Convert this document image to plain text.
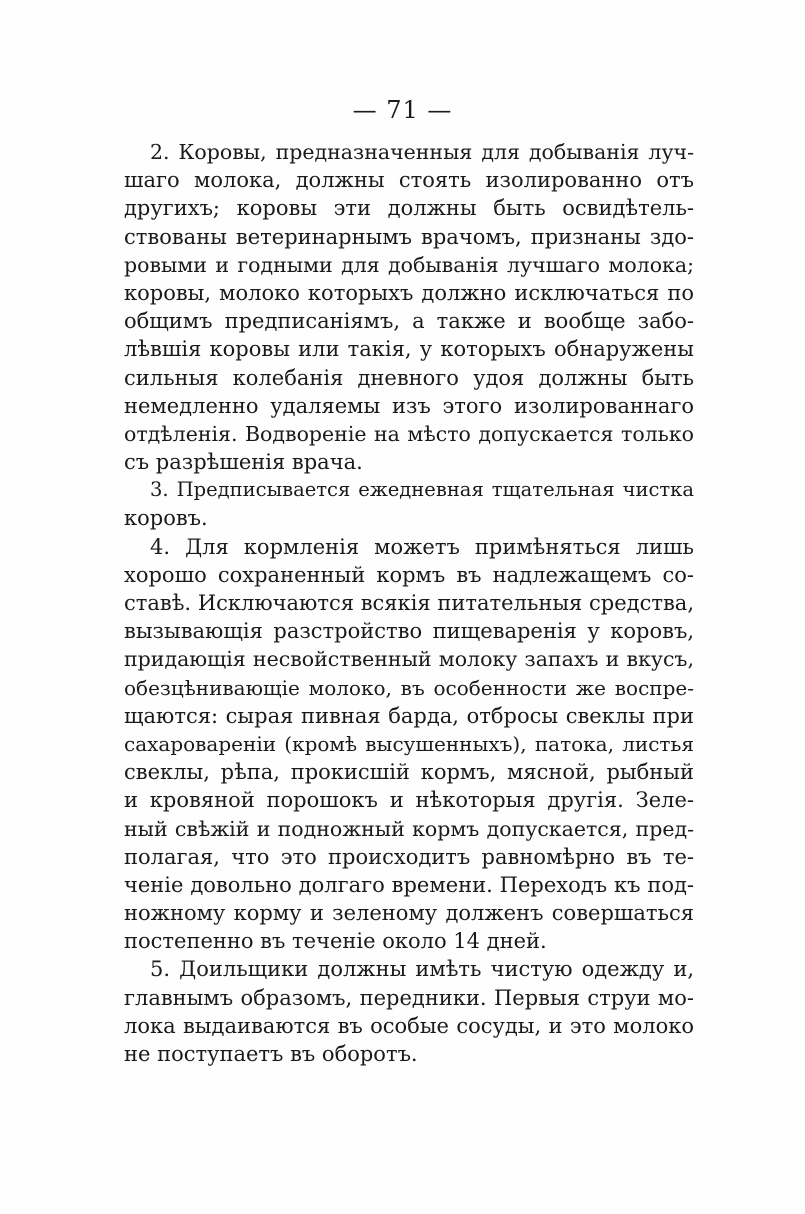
— 71 —
2. Коровы, предназначенныя для добыванія луч-
шаго молока, должны стоять изолированно отъ
другихъ; коровы эти должны быть освидѣтель-
ствованы ветеринарнымъ врачомъ, признаны здо-
ровыми и годными для добыванія лучшаго молока;
коровы, молоко которыхъ должно исключаться по
общимъ предписаніямъ, а также и вообще забо-
лѣвшія коровы или такія, у которыхъ обнаружены
сильныя колебанія дневного удоя должны быть
немедленно удаляемы изъ этого изолированнаго
отдѣленія. Водвореніе на мѣсто допускается только
съ разрѣшенія врача.
3. Предписывается ежедневная тщательная чистка
коровъ.
4. Для кормленія можетъ примѣняться лишь
хорошо сохраненный кормъ въ надлежащемъ со-
ставѣ. Исключаются всякія питательныя средства,
вызывающія разстройство пищеваренія у коровъ,
придающія несвойственный молоку запахъ и вкусъ,
обезцѣнивающіе молоко, въ особенности же воспре-
щаются: сырая пивная барда, отбросы свеклы при
сахаровареніи (кромѣ высушенныхъ), патока, листья
свеклы, рѣпа, прокисшій кормъ, мясной, рыбный
и кровяной порошокъ и нѣкоторыя другія. Зеле-
ный свѣжій и подножный кормъ допускается, пред-
полагая, что это происходитъ равномѣрно въ те-
ченіе довольно долгаго времени. Переходъ къ под-
ножному корму и зеленому долженъ совершаться
постепенно въ теченіе около 14 дней.
5. Доильщики должны имѣть чистую одежду и,
главнымъ образомъ, передники. Первыя струи мо-
лока выдаиваются въ особые сосуды, и это молоко
не поступаетъ въ оборотъ.
